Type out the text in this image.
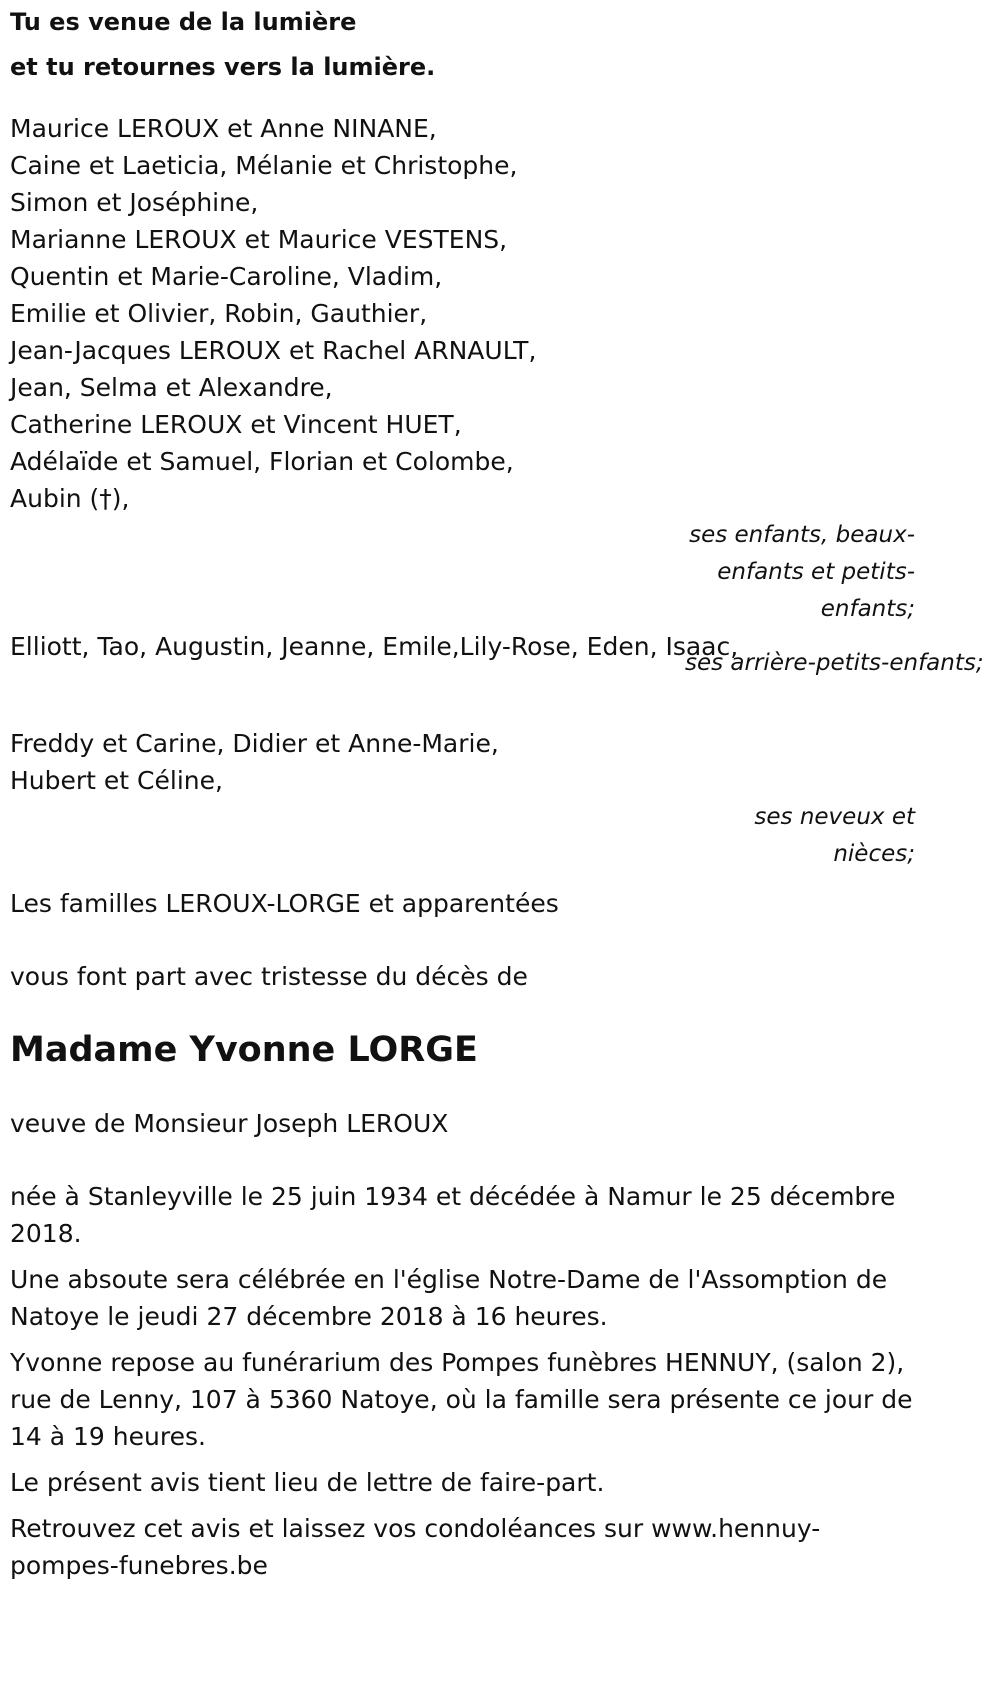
Tu es venue de la lumière
et tu retournes vers la lumière.

Maurice LEROUX et Anne NINANE,
Caine et Laeticia, Mélanie et Christophe,
Simon et Joséphine,
Marianne LEROUX et Maurice VESTENS,
Quentin et Marie-Caroline, Vladim,
Emilie et Olivier, Robin, Gauthier,
Jean-Jacques LEROUX et Rachel ARNAULT,
Jean, Selma et Alexandre,
Catherine LEROUX et Vincent HUET,
Adélaïde et Samuel, Florian et Colombe,
Aubin (†),
ses enfants, beaux-enfants et petits-enfants;
Elliott, Tao, Augustin, Jeanne, Emile,Lily-Rose, Eden, Isaac,
ses arrière-petits-enfants;
Freddy et Carine, Didier et Anne-Marie,
Hubert et Céline,
ses neveux et nièces;

Les familles LEROUX-LORGE et apparentées

vous font part avec tristesse du décès de

Madame Yvonne LORGE

veuve de Monsieur Joseph LEROUX

née à Stanleyville le 25 juin 1934 et décédée à Namur le 25 décembre 2018.

Une absoute sera célébrée en l'église Notre-Dame de l'Assomption de Natoye le jeudi 27 décembre 2018 à 16 heures.

Yvonne repose au funérarium des Pompes funèbres HENNUY, (salon 2), rue de Lenny, 107 à 5360 Natoye, où la famille sera présente ce jour de 14 à 19 heures.

Le présent avis tient lieu de lettre de faire-part.

Retrouvez cet avis et laissez vos condoléances sur www.hennuy-pompes-funebres.be
